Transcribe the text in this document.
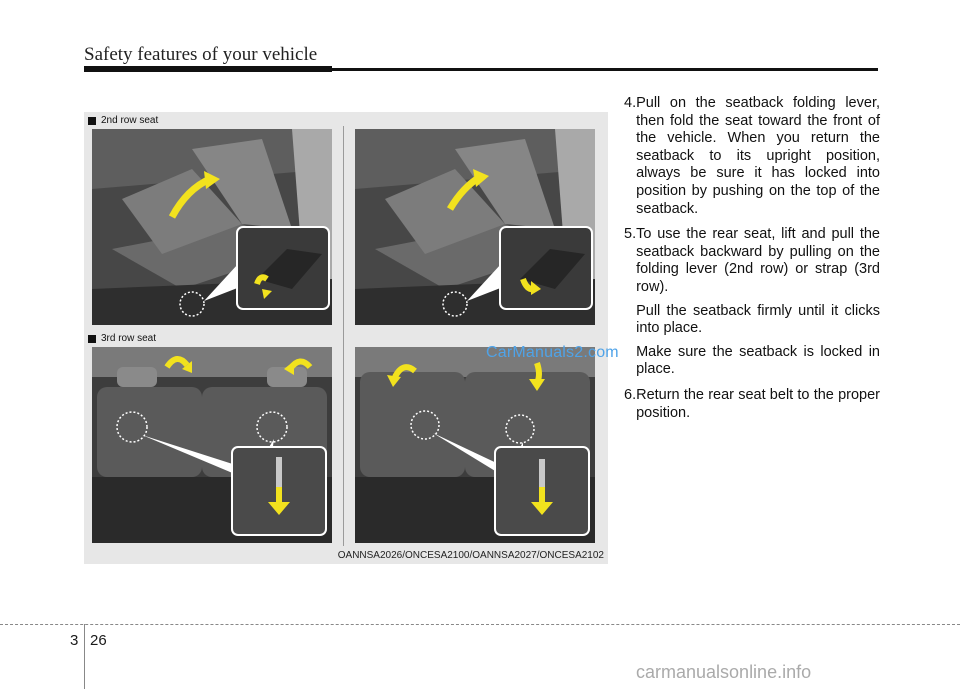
Safety features of your vehicle
2nd row seat
3rd row seat
OANNSA2026/ONCESA2100/OANNSA2027/ONCESA2102
CarManuals2.com
4. Pull on the seatback folding lever, then fold the seat toward the front of the vehicle. When you return the seatback to its upright position, always be sure it has locked into position by pushing on the top of the seatback.

5. To use the rear seat, lift and pull the seatback backward by pulling on the folding lever (2nd row) or strap (3rd row).

Pull the seatback firmly until it clicks into place.

Make sure the seatback is locked in place.

6. Return the rear seat belt to the proper position.

3 26
carmanualsonline.info
